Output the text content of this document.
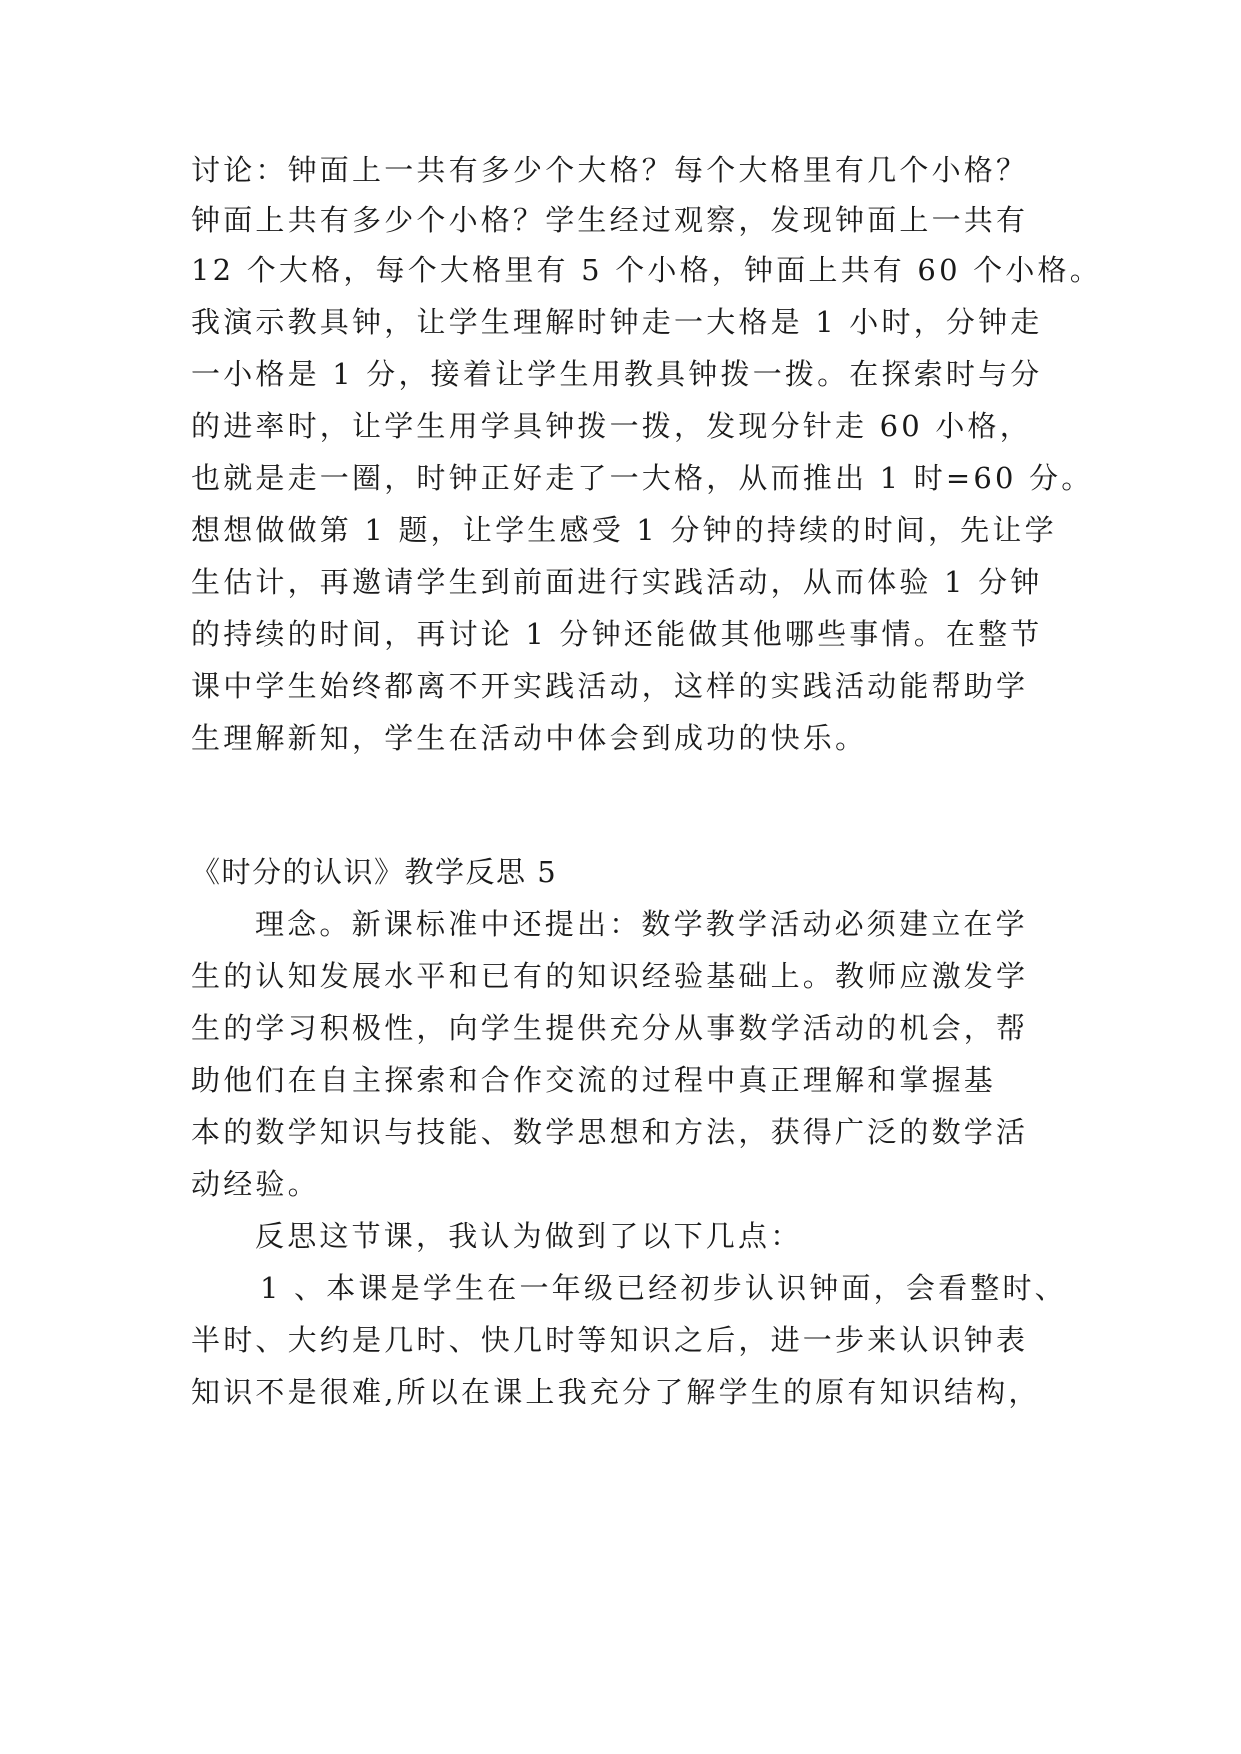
讨论：钟面上一共有多少个大格？每个大格里有几个小格？
钟面上共有多少个小格？学生经过观察，发现钟面上一共有
12 个大格，每个大格里有 5 个小格，钟面上共有 60 个小格。
我演示教具钟，让学生理解时钟走一大格是 1 小时，分钟走
一小格是 1 分，接着让学生用教具钟拨一拨。在探索时与分
的进率时，让学生用学具钟拨一拨，发现分针走 60 小格，
也就是走一圈，时钟正好走了一大格，从而推出 1 时=60 分。
想想做做第 1 题，让学生感受 1 分钟的持续的时间，先让学
生估计，再邀请学生到前面进行实践活动，从而体验 1 分钟
的持续的时间，再讨论 1 分钟还能做其他哪些事情。在整节
课中学生始终都离不开实践活动，这样的实践活动能帮助学
生理解新知，学生在活动中体会到成功的快乐。
《时分的认识》教学反思 5
理念。新课标准中还提出：数学教学活动必须建立在学
生的认知发展水平和已有的知识经验基础上。教师应激发学
生的学习积极性，向学生提供充分从事数学活动的机会，帮
助他们在自主探索和合作交流的过程中真正理解和掌握基
本的数学知识与技能、数学思想和方法，获得广泛的数学活
动经验。
反思这节课，我认为做到了以下几点：
1 、本课是学生在一年级已经初步认识钟面，会看整时、
半时、大约是几时、快几时等知识之后，进一步来认识钟表
知识不是很难,所以在课上我充分了解学生的原有知识结构，
